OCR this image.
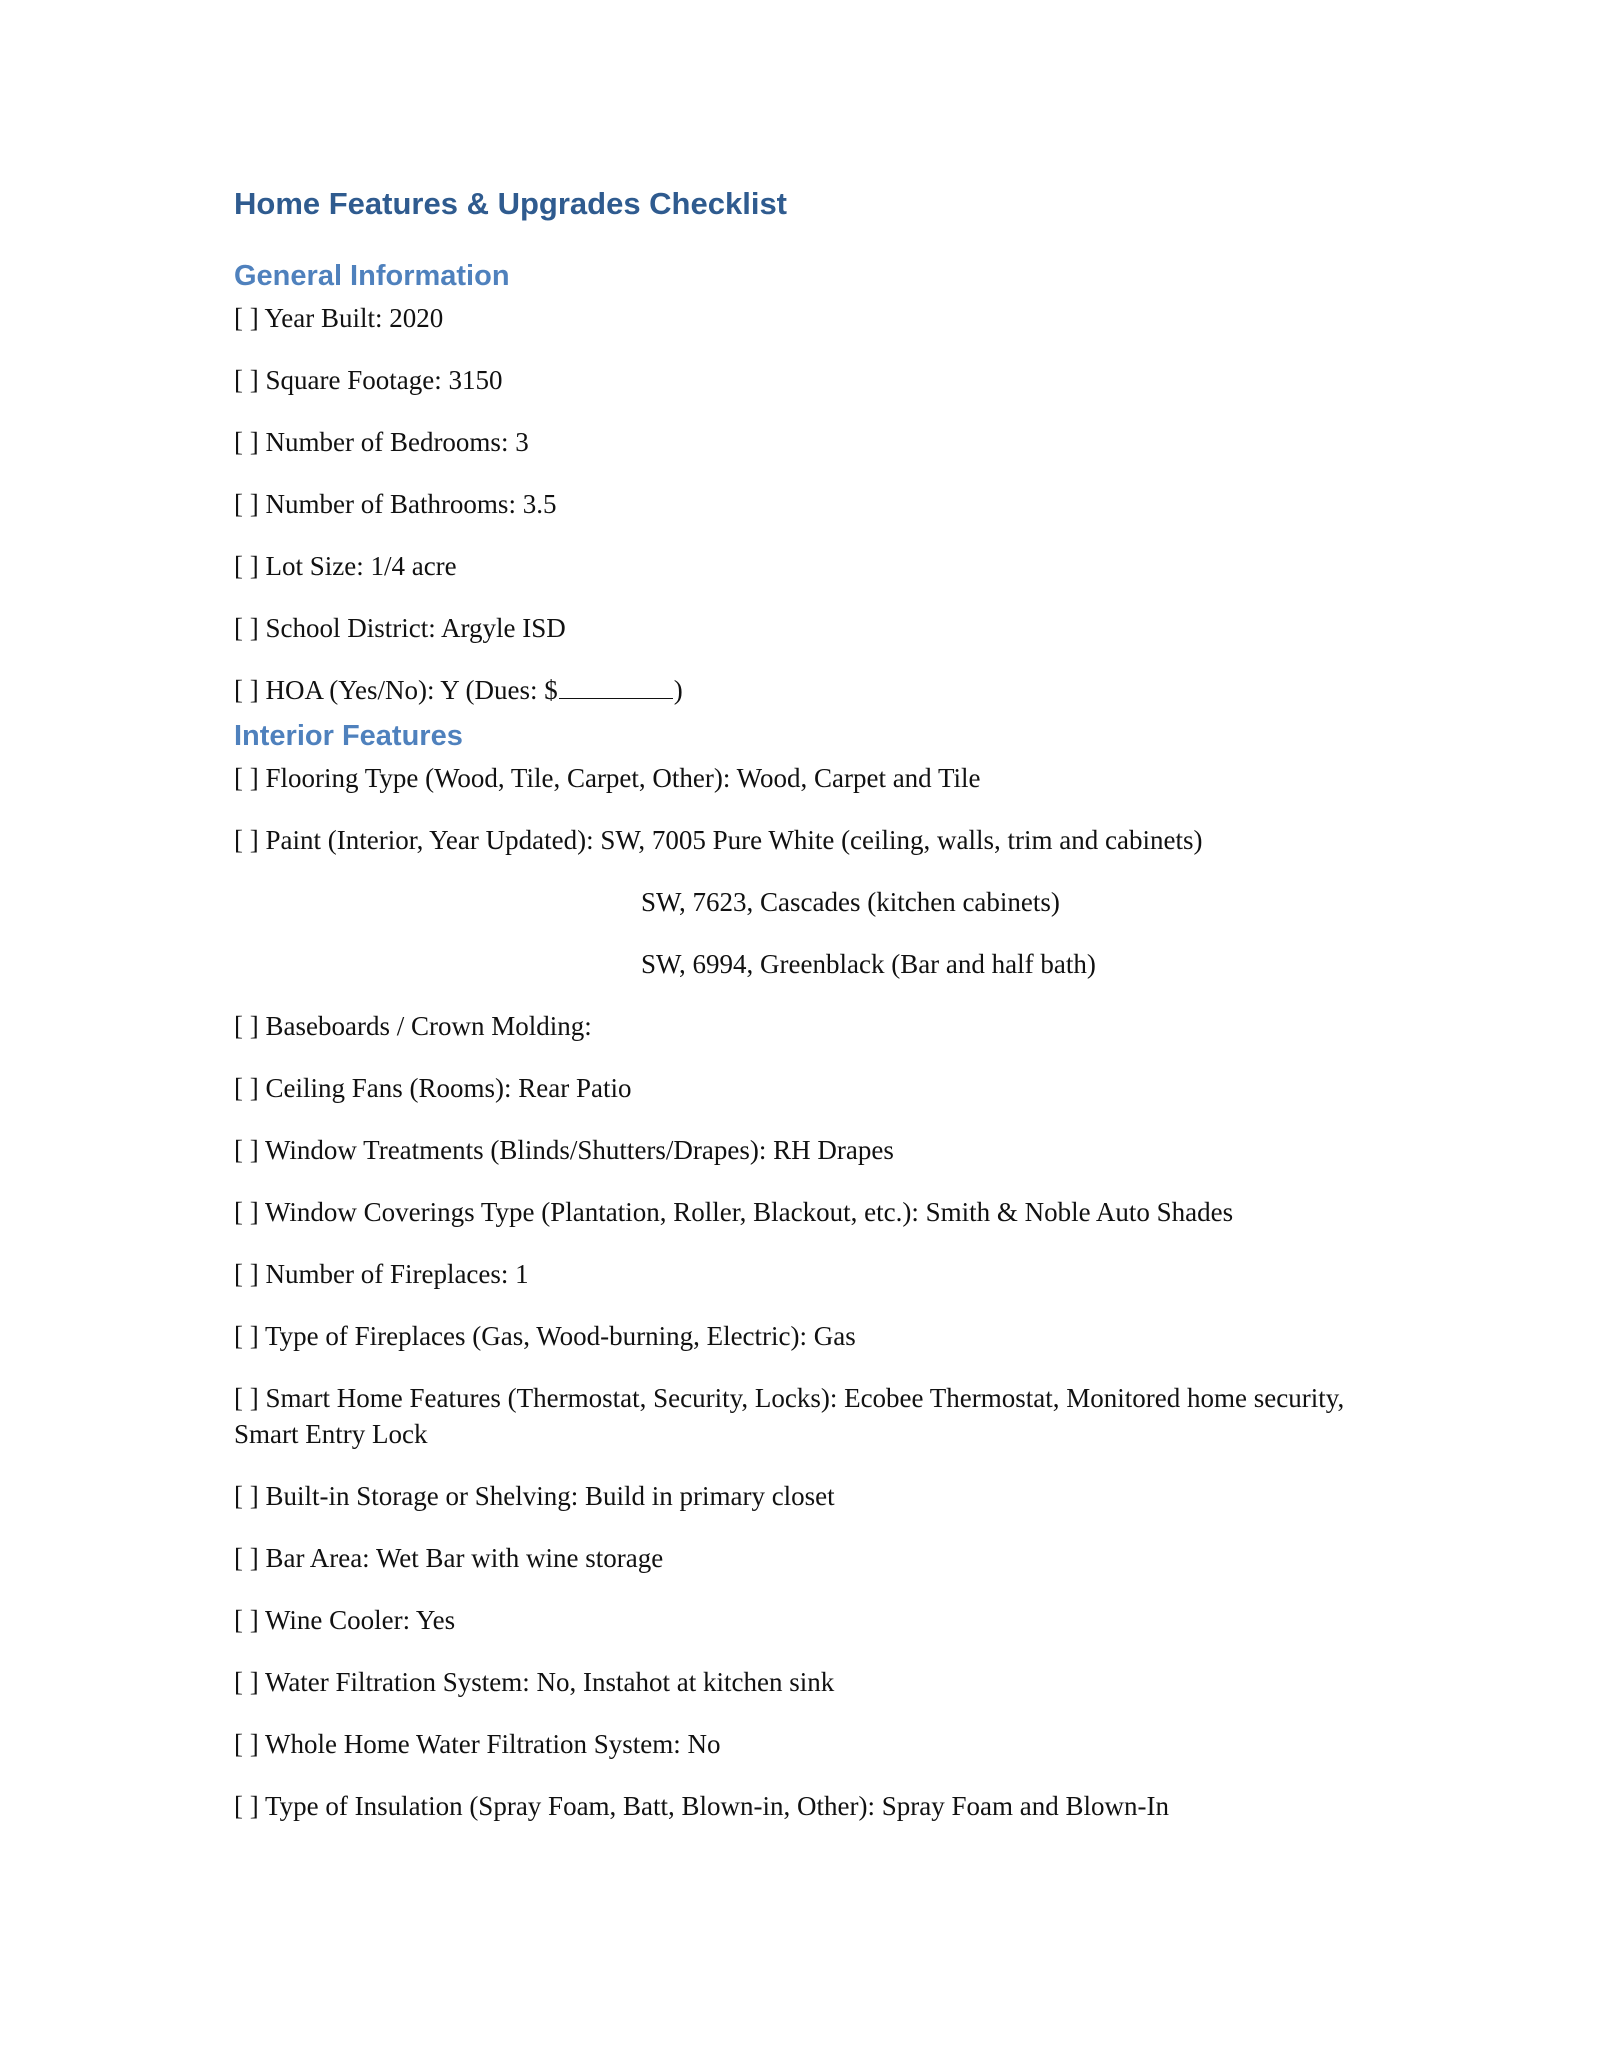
Home Features & Upgrades Checklist
General Information
[ ] Year Built: 2020
[ ] Square Footage: 3150
[ ] Number of Bedrooms: 3
[ ] Number of Bathrooms: 3.5
[ ] Lot Size: 1/4 acre
[ ] School District: Argyle ISD
[ ] HOA (Yes/No): Y (Dues: $	)
Interior Features
[ ] Flooring Type (Wood, Tile, Carpet, Other): Wood, Carpet and Tile
[ ] Paint (Interior, Year Updated): SW, 7005 Pure White (ceiling, walls, trim and cabinets)
SW, 7623, Cascades (kitchen cabinets)
SW, 6994, Greenblack (Bar and half bath)
[ ] Baseboards / Crown Molding:
[ ] Ceiling Fans (Rooms): Rear Patio
[ ] Window Treatments (Blinds/Shutters/Drapes): RH Drapes
[ ] Window Coverings Type (Plantation, Roller, Blackout, etc.): Smith & Noble Auto Shades
[ ] Number of Fireplaces: 1
[ ] Type of Fireplaces (Gas, Wood-burning, Electric): Gas
[ ] Smart Home Features (Thermostat, Security, Locks): Ecobee Thermostat, Monitored home security, Smart Entry Lock
[ ] Built-in Storage or Shelving: Build in primary closet
[ ] Bar Area: Wet Bar with wine storage
[ ] Wine Cooler: Yes
[ ] Water Filtration System: No, Instahot at kitchen sink
[ ] Whole Home Water Filtration System: No
[ ] Type of Insulation (Spray Foam, Batt, Blown-in, Other): Spray Foam and Blown-In
